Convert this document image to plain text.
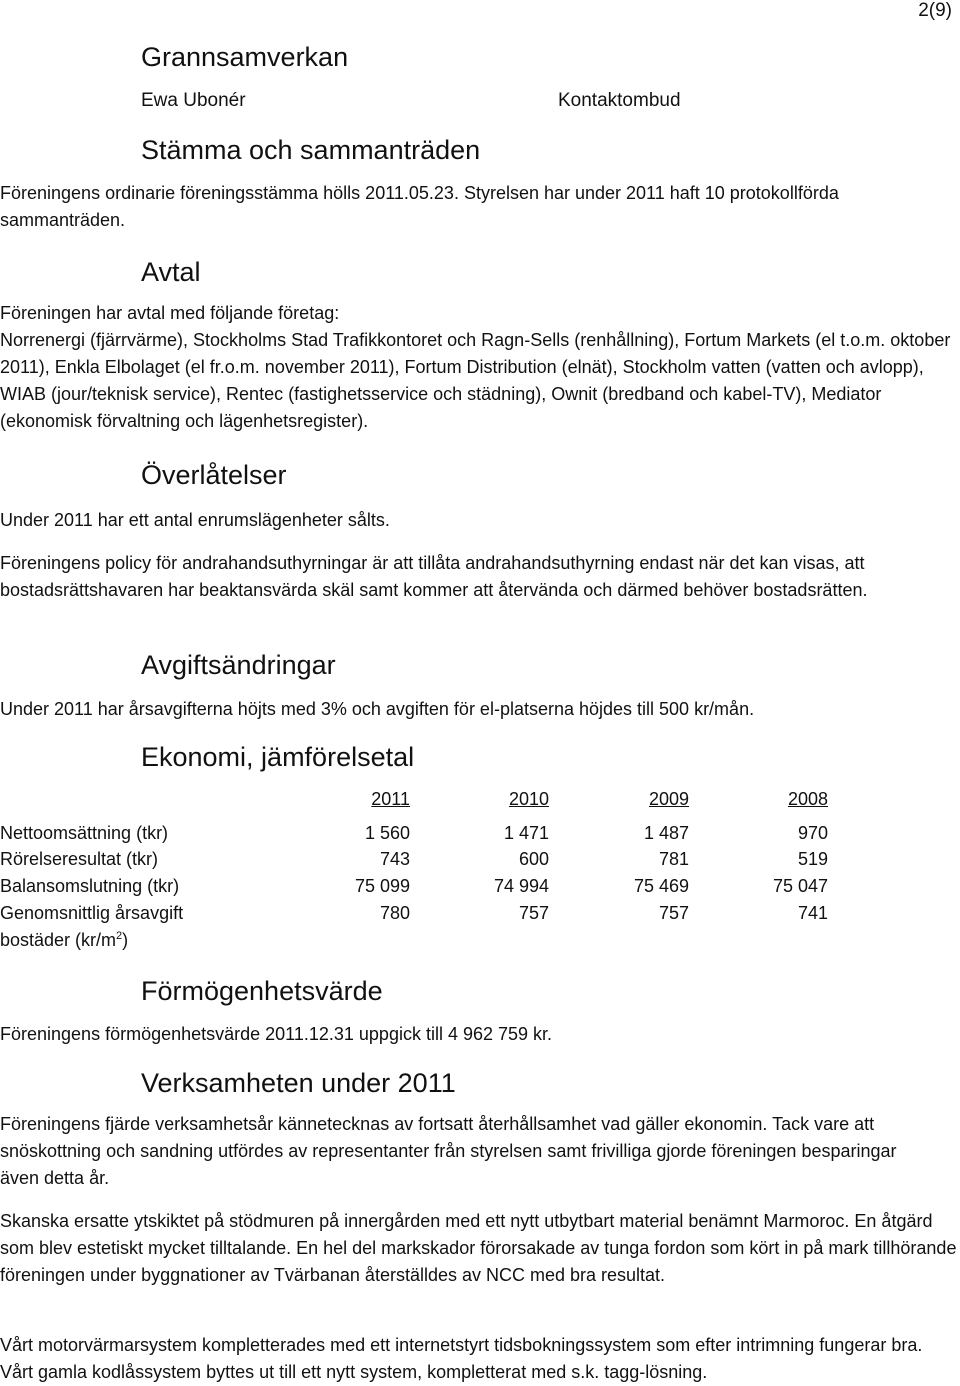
2(9)
Grannsamverkan
Ewa Ubonér	Kontaktombud
Stämma och sammanträden

Föreningens ordinarie föreningsstämma hölls 2011.05.23. Styrelsen har under 2011 haft 10 protokollförda sammanträden.

Avtal

Föreningen har avtal med följande företag:

Norrenergi (fjärrvärme), Stockholms Stad Trafikkontoret och Ragn-Sells (renhållning), Fortum Markets (el t.o.m. oktober 2011), Enkla Elbolaget (el fr.o.m. november 2011), Fortum Distribution (elnät), Stockholm vatten (vatten och avlopp), WIAB (jour/teknisk service), Rentec (fastighetsservice och städning), Ownit (bredband och kabel-TV), Mediator (ekonomisk förvaltning och lägenhetsregister).

Överlåtelser

Under 2011 har ett antal enrumslägenheter sålts.

Föreningens policy för andrahandsuthyrningar är att tillåta andrahandsuthyrning endast när det kan visas, att bostadsrättshavaren har beaktansvärda skäl samt kommer att återvända och därmed behöver bostadsrätten.

Avgiftsändringar

Under 2011 har årsavgifterna höjts med 3% och avgiften för el-platserna höjdes till 500 kr/mån.

Ekonomi, jämförelsetal
2011	2010	2009	2008
Nettoomsättning (tkr)	1 560	1 471	1 487	970
Rörelseresultat (tkr)	743	600	781	519
Balansomslutning (tkr)	75 099	74 994	75 469	75 047
Genomsnittlig årsavgift	780	757	757	741
bostäder $(kr/m^2)$
Förmögenhetsvärde

Föreningens förmögenhetsvärde 2011.12.31 uppgick till 4 962 759 kr.

Verksamheten under 2011

Föreningens fjärde verksamhetsår kännetecknas av fortsatt återhållsamhet vad gäller ekonomin. Tack vare att snöskottning och sandning utfördes av representanter från styrelsen samt frivilliga gjorde föreningen besparingar även detta år.

Skanska ersatte ytskiktet på stödmuren på innergården med ett nytt utbytbart material benämnt Marmoroc. En åtgärd som blev estetiskt mycket tilltalande. En hel del markskador förorsakade av tunga fordon som kört in på mark tillhörande föreningen under byggnationer av Tvärbanan återställdes av NCC med bra resultat.

Vårt motorvärmarsystem kompletterades med ett internetstyrt tidsbokningssystem som efter intrimning fungerar bra. Vårt gamla kodlåssystem byttes ut till ett nytt system, kompletterat med s.k. tagg-lösning.
